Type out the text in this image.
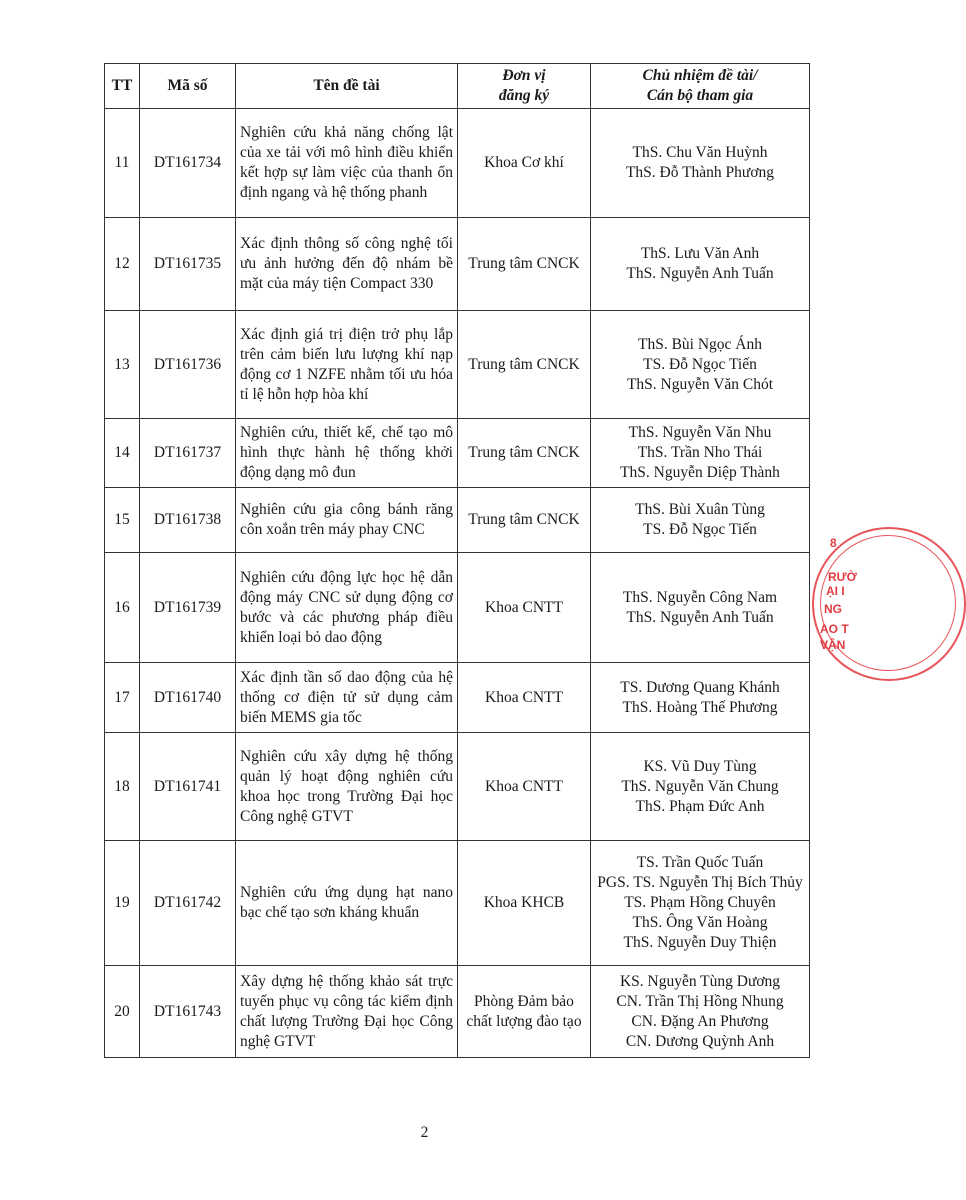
TT	Mã số	Tên đề tài	Đơn vị
đăng ký	Chủ nhiệm đề tài/
Cán bộ tham gia

11	DT161734	Nghiên cứu khả năng chống lật của xe tải với mô hình điều khiển kết hợp sự làm việc của thanh ổn định ngang và hệ thống phanh	Khoa Cơ khí	ThS. Chu Văn Huỳnh
ThS. Đỗ Thành Phương

12	DT161735	Xác định thông số công nghệ tối ưu ảnh hưởng đến độ nhám bề mặt của máy tiện Compact 330	Trung tâm CNCK	ThS. Lưu Văn Anh
ThS. Nguyễn Anh Tuấn

13	DT161736	Xác định giá trị điện trở phụ lắp trên cảm biến lưu lượng khí nạp động cơ 1 NZFE nhằm tối ưu hóa tỉ lệ hỗn hợp hòa khí	Trung tâm CNCK	ThS. Bùi Ngọc Ánh
TS. Đỗ Ngọc Tiến
ThS. Nguyễn Văn Chót

14	DT161737	Nghiên cứu, thiết kế, chế tạo mô hình thực hành hệ thống khởi động dạng mô đun	Trung tâm CNCK	ThS. Nguyễn Văn Nhu
ThS. Trần Nho Thái
ThS. Nguyễn Diệp Thành

15	DT161738	Nghiên cứu gia công bánh răng côn xoắn trên máy phay CNC	Trung tâm CNCK	ThS. Bùi Xuân Tùng
TS. Đỗ Ngọc Tiến

16	DT161739	Nghiên cứu động lực học hệ dẫn động máy CNC sử dụng động cơ bước và các phương pháp điều khiển loại bỏ dao động	Khoa CNTT	ThS. Nguyễn Công Nam
ThS. Nguyễn Anh Tuấn

17	DT161740	Xác định tần số dao động của hệ thống cơ điện tử sử dụng cảm biến MEMS gia tốc	Khoa CNTT	TS. Dương Quang Khánh
ThS. Hoàng Thế Phương

18	DT161741	Nghiên cứu xây dựng hệ thống quản lý hoạt động nghiên cứu khoa học trong Trường Đại học Công nghệ GTVT	Khoa CNTT	KS. Vũ Duy Tùng
ThS. Nguyễn Văn Chung
ThS. Phạm Đức Anh

19	DT161742	Nghiên cứu ứng dụng hạt nano bạc chế tạo sơn kháng khuẩn	Khoa KHCB	TS. Trần Quốc Tuấn
PGS. TS. Nguyễn Thị Bích Thủy
TS. Phạm Hồng Chuyên
ThS. Ông Văn Hoàng
ThS. Nguyễn Duy Thiện

20	DT161743	Xây dựng hệ thống khảo sát trực tuyến phục vụ công tác kiểm định chất lượng Trường Đại học Công nghệ GTVT	Phòng Đảm bảo chất lượng đào tạo	KS. Nguyễn Tùng Dương
CN. Trần Thị Hồng Nhung
CN. Đặng An Phương
CN. Dương Quỳnh Anh
2
8
RƯỜ
ẠI I
NG
AO T
VẬN
